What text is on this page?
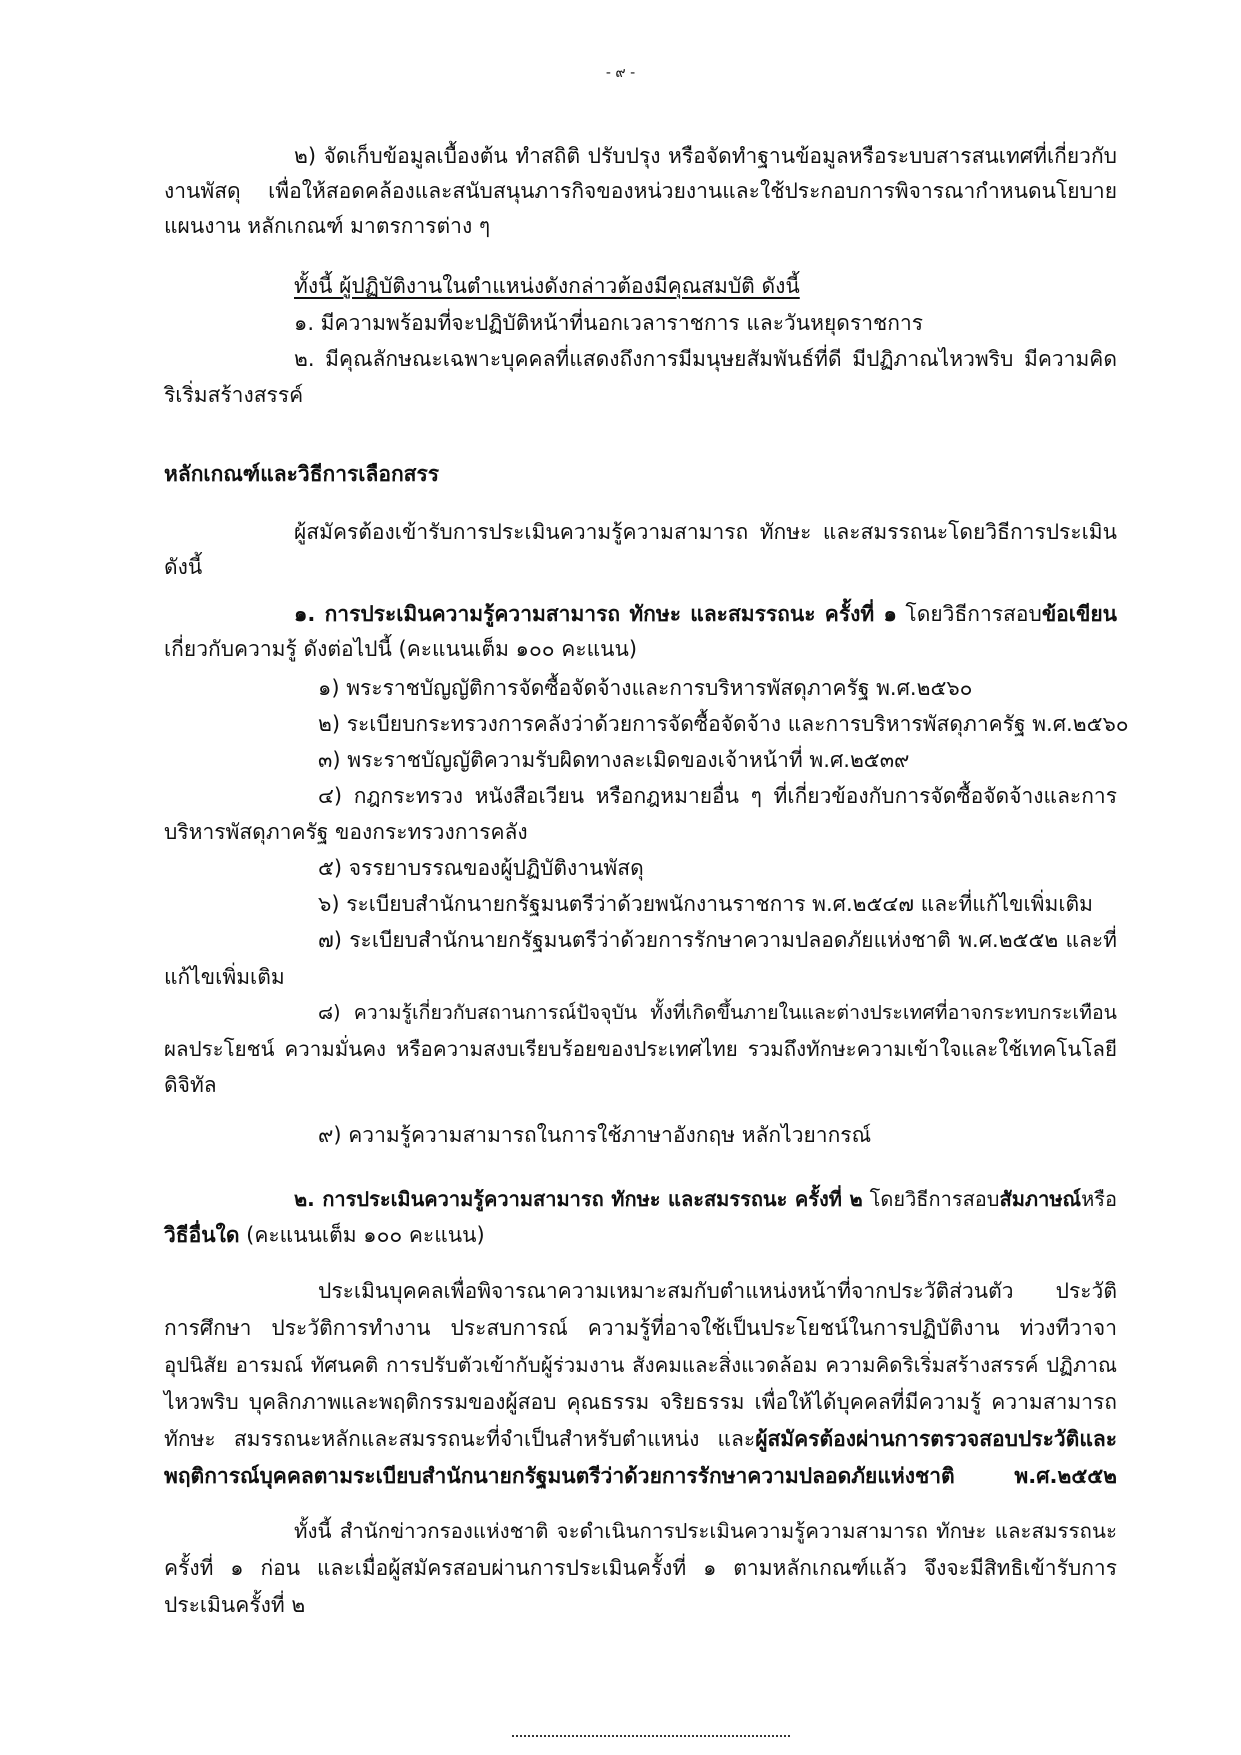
- ๙ -
๒) จัดเก็บข้อมูลเบื้องต้น ทำสถิติ ปรับปรุง หรือจัดทำฐานข้อมูลหรือระบบสารสนเทศที่เกี่ยวกับ
งานพัสดุ เพื่อให้สอดคล้องและสนับสนุนภารกิจของหน่วยงานและใช้ประกอบการพิจารณากำหนดนโยบาย
แผนงาน หลักเกณฑ์ มาตรการต่าง ๆ
ทั้งนี้ ผู้ปฏิบัติงานในตำแหน่งดังกล่าวต้องมีคุณสมบัติ ดังนี้
๑. มีความพร้อมที่จะปฏิบัติหน้าที่นอกเวลาราชการ และวันหยุดราชการ
๒. มีคุณลักษณะเฉพาะบุคคลที่แสดงถึงการมีมนุษยสัมพันธ์ที่ดี มีปฏิภาณไหวพริบ มีความคิด
ริเริ่มสร้างสรรค์
หลักเกณฑ์และวิธีการเลือกสรร
ผู้สมัครต้องเข้ารับการประเมินความรู้ความสามารถ ทักษะ และสมรรถนะโดยวิธีการประเมิน
ดังนี้
๑. การประเมินความรู้ความสามารถ ทักษะ และสมรรถนะ ครั้งที่ ๑ โดยวิธีการสอบข้อเขียน
เกี่ยวกับความรู้ ดังต่อไปนี้ (คะแนนเต็ม ๑๐๐ คะแนน)
๑) พระราชบัญญัติการจัดซื้อจัดจ้างและการบริหารพัสดุภาครัฐ พ.ศ.๒๕๖๐
๒) ระเบียบกระทรวงการคลังว่าด้วยการจัดซื้อจัดจ้าง และการบริหารพัสดุภาครัฐ พ.ศ.๒๕๖๐
๓) พระราชบัญญัติความรับผิดทางละเมิดของเจ้าหน้าที่ พ.ศ.๒๕๓๙
๔) กฎกระทรวง หนังสือเวียน หรือกฎหมายอื่น ๆ ที่เกี่ยวข้องกับการจัดซื้อจัดจ้างและการ
บริหารพัสดุภาครัฐ ของกระทรวงการคลัง
๕) จรรยาบรรณของผู้ปฏิบัติงานพัสดุ
๖) ระเบียบสำนักนายกรัฐมนตรีว่าด้วยพนักงานราชการ พ.ศ.๒๕๔๗ และที่แก้ไขเพิ่มเติม
๗) ระเบียบสำนักนายกรัฐมนตรีว่าด้วยการรักษาความปลอดภัยแห่งชาติ พ.ศ.๒๕๕๒ และที่
แก้ไขเพิ่มเติม
๘) ความรู้เกี่ยวกับสถานการณ์ปัจจุบัน ทั้งที่เกิดขึ้นภายในและต่างประเทศที่อาจกระทบกระเทือน
ผลประโยชน์ ความมั่นคง หรือความสงบเรียบร้อยของประเทศไทย รวมถึงทักษะความเข้าใจและใช้เทคโนโลยี
ดิจิทัล
๙) ความรู้ความสามารถในการใช้ภาษาอังกฤษ หลักไวยากรณ์
๒. การประเมินความรู้ความสามารถ ทักษะ และสมรรถนะ ครั้งที่ ๒ โดยวิธีการสอบสัมภาษณ์หรือ
วิธีอื่นใด (คะแนนเต็ม ๑๐๐ คะแนน)
ประเมินบุคคลเพื่อพิจารณาความเหมาะสมกับตำแหน่งหน้าที่จากประวัติส่วนตัว ประวัติ
การศึกษา ประวัติการทำงาน ประสบการณ์ ความรู้ที่อาจใช้เป็นประโยชน์ในการปฏิบัติงาน ท่วงทีวาจา
อุปนิสัย อารมณ์ ทัศนคติ การปรับตัวเข้ากับผู้ร่วมงาน สังคมและสิ่งแวดล้อม ความคิดริเริ่มสร้างสรรค์ ปฏิภาณ
ไหวพริบ บุคลิกภาพและพฤติกรรมของผู้สอบ คุณธรรม จริยธรรม เพื่อให้ได้บุคคลที่มีความรู้ ความสามารถ
ทักษะ สมรรถนะหลักและสมรรถนะที่จำเป็นสำหรับตำแหน่ง และผู้สมัครต้องผ่านการตรวจสอบประวัติและ
พฤติการณ์บุคคลตามระเบียบสำนักนายกรัฐมนตรีว่าด้วยการรักษาความปลอดภัยแห่งชาติ พ.ศ.๒๕๕๒
ทั้งนี้ สำนักข่าวกรองแห่งชาติ จะดำเนินการประเมินความรู้ความสามารถ ทักษะ และสมรรถนะ
ครั้งที่ ๑ ก่อน และเมื่อผู้สมัครสอบผ่านการประเมินครั้งที่ ๑ ตามหลักเกณฑ์แล้ว จึงจะมีสิทธิเข้ารับการ
ประเมินครั้งที่ ๒
